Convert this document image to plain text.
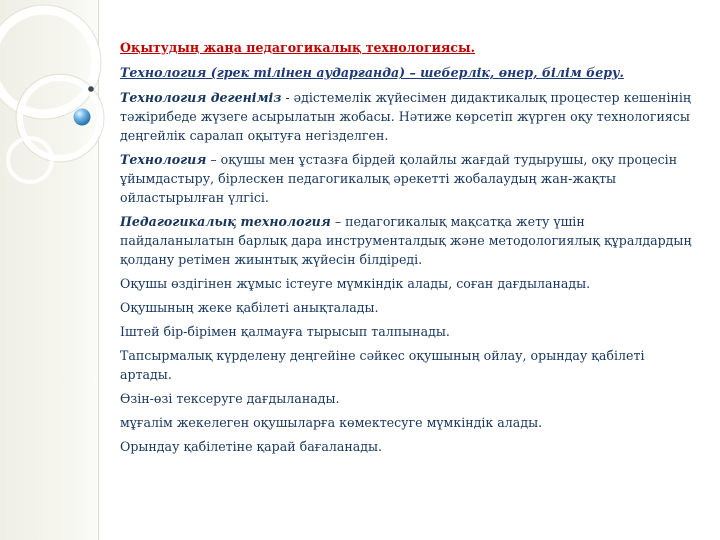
Оқытудың жаңа педагогикалық технологиясы.

Технология (грек тілінен аударғанда) – шеберлік, өнер, білім беру.

Технология дегеніміз - әдістемелік жүйесімен дидактикалық процестер кешенінің тәжірибеде жүзеге асырылатын жобасы. Нәтиже көрсетіп жүрген оқу технологиясы деңгейлік саралап оқытуға негізделген.

Технология – оқушы мен ұстазға бірдей қолайлы жағдай тудырушы, оқу процесін ұйымдастыру, бірлескен педагогикалық әрекетті жобалаудың жан-жақты ойластырылған үлгісі.

Педагогикалық технология – педагогикалық мақсатқа жету үшін пайдаланылатын барлық дара инструменталдық және методологиялық құралдардың қолдану ретімен жиынтық жүйесін білдіреді.

Оқушы өздігінен жұмыс істеуге мүмкіндік алады, соған дағдыланады.

Оқушының жеке қабілеті анықталады.

Іштей бір-бірімен қалмауға тырысып талпынады.

Тапсырмалық күрделену деңгейіне сәйкес оқушының ойлау, орындау қабілеті артады.

Өзін-өзі тексеруге дағдыланады.

мұғалім жекелеген оқушыларға көмектесуге мүмкіндік алады.

Орындау қабілетіне қарай бағаланады.
